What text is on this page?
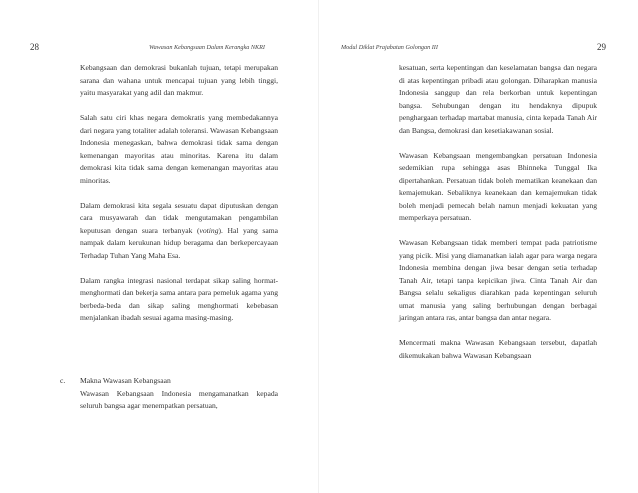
28	Wawasan Kebangsaan Dalam Kerangka NKRI

Kebangsaan dan demokrasi bukanlah tujuan, tetapi merupakan sarana dan wahana untuk mencapai tujuan yang lebih tinggi, yaitu masyarakat yang adil dan makmur.

Salah satu ciri khas negara demokratis yang membedakannya dari negara yang totaliter adalah toleransi. Wawasan Kebangsaan Indonesia menegaskan, bahwa demokrasi tidak sama dengan kemenangan mayoritas atau minoritas. Karena itu dalam demokrasi kita tidak sama dengan kemenangan mayoritas atau minoritas.

Dalam demokrasi kita segala sesuatu dapat diputuskan dengan cara musyawarah dan tidak mengutamakan pengambilan keputusan dengan suara terbanyak (voting). Hal yang sama nampak dalam kerukunan hidup beragama dan berkepercayaan Terhadap Tuhan Yang Maha Esa.

Dalam rangka integrasi nasional terdapat sikap saling hormat-menghormati dan bekerja sama antara para pemeluk agama yang berbeda-beda dan sikap saling menghormati kebebasan menjalankan ibadah sesuai agama masing-masing.

c. Makna Wawasan Kebangsaan
Wawasan Kebangsaan Indonesia mengamanatkan kepada seluruh bangsa agar menempatkan persatuan,
Modul Diklat Prajabatan Golongan III	29

kesatuan, serta kepentingan dan keselamatan bangsa dan negara di atas kepentingan pribadi atau golongan. Diharapkan manusia Indonesia sanggup dan rela berkorban untuk kepentingan bangsa. Sehubungan dengan itu hendaknya dipupuk penghargaan terhadap martabat manusia, cinta kepada Tanah Air dan Bangsa, demokrasi dan kesetiakawanan sosial.

Wawasan Kebangsaan mengembangkan persatuan Indonesia sedemikian rupa sehingga asas Bhinneka Tunggal Ika dipertahankan. Persatuan tidak boleh mematikan keanekaan dan kemajemukan. Sebaliknya keanekaan dan kemajemukan tidak boleh menjadi pemecah belah namun menjadi kekuatan yang memperkaya persatuan.

Wawasan Kebangsaan tidak memberi tempat pada patriotisme yang picik. Misi yang diamanatkan ialah agar para warga negara Indonesia membina dengan jiwa besar dengan setia terhadap Tanah Air, tetapi tanpa kepicikan jiwa. Cinta Tanah Air dan Bangsa selalu sekaligus diarahkan pada kepentingan seluruh umat manusia yang saling berhubungan dengan berbagai jaringan antara ras, antar bangsa dan antar negara.

Mencermati makna Wawasan Kebangsaan tersebut, dapatlah dikemukakan bahwa Wawasan Kebangsaan
